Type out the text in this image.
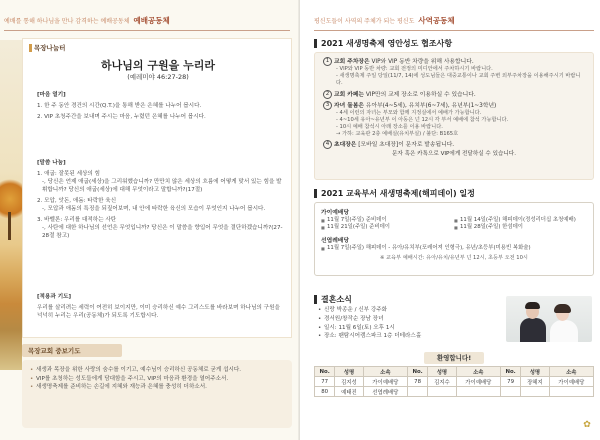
예배를 통해 하나님을 만나 감격하는 예배공동체 예배공동체
목장나눔터
하나님의 구원을 누리라
(예레미야 46:27-28)
[마음 열기]

1. 한 주 동안 경건의 시간(Q.T.)을 통해 받은 은혜를 나누어 봅시다.

2. VIP 초청주간을 보내며 주시는 마음, 누렸던 은혜를 나누어 봅시다.

[말씀 나눔]
1. 애굽: 잘못된 세상의 힘

-, 당신은 언제 애굽(세상)을 그리워했습니까? 만만치 않은 세상의 흐름에 어떻게 맞서 있는 힘을 발휘합니까? 당신의 애굽(세상)에 대해 무엇이라고 말합니까?(17절)

2. 모압, 앗돈, 애돔: 타락한 육신

-, 모압과 애돔의 특징을 되짚어보며, 내 안에 타락한 육신의 모습이 무엇인지 나누어 봅시다.

3. 바벨론: 우리를 대적하는 사탄

-, 사탄에 대한 하나님의 선언은 무엇입니까? 당신은 이 말씀을 향입어 무엇을 결단하겠습니까?(27-28절 참고)

[적용과 기도]

우리를 살리려는 세력이 여전히 보이지만, 이미 승리하신 예수 그리스도를 바라보며 하나님의 구원을 넉넉히 누리는 우리(공동체)가 되도록 기도합시다.

목장교회 중보기도
• 새생과 목장을 위한 사랑의 숨수를 이기고, 예수님이 승리하신 공동체로 굳게 섭시다.
• VIP를 초청하는 성도들에게 담대함을 주시고, VIP의 마음과 환경을 열어주소서.
• 새생명축제를 준비하는 손길에 지혜와 재능과 은혜를 충성히 더하소서.
평신도들이 사역의 주체가 되는 평신도 사역공동체
2021 새생명축제 영안성도 협조사항
1 교회 주차장은 VIP와 VIP 동반 차량을 위해 사용합니다.
- VIP와 VIP 동반 차량: 교회 전정의 미디안에서 주차하시기 바랍니다.
- 새생명축제 주일 당일(11/7, 14)에 성도님들은 대중교통이나 교회 주변 외부주차장을 이용해주시기 바랍니다.
2 교회 카페는 VIP만의 교제 장소로 이용하실 수 있습니다.
3 자녀 돌봄은 유아부(4~5세), 유치부(6~7세), 유년부(1~3학년)
- 4세 이런의 자녀는 부모와 함께 지정실에서 예배가 가능합니다.
- 4~10세 유아~유년부 이 아동은 넌 12시 각 부서 예배에 참석 가능합니다.
- 10시 예배 참석시 아래 장소를 이용 바랍니다.
→ 가하: 교육관 2층 예배실(유치부실) / 불단: B165호
4 초대장은 [모바일 초대장]이 문자로 발송됩니다.
문자 혹은 카톡으로 VIP에게 전달하실 수 있습니다.
2021 교육부서 새생명축제(해피데이) 일정
가이예배당
■ 11월 7일(주일) 준비데이	■ 11월 14일(주일) 해피데이(정성리더십 초청예배)
■ 11월 21일(주일) 준비데이	■ 11월 28일(주일) 한섬데이
선엽례배당
■ 11월 7일(주일) 해피데이 - 유아/유치부(포레어져 인형극), 유년/초등부(미용빈 복화술)
※ 교육부 예배시간: 유아/유치/유년부 넌 12시, 초등부 오전 10시
결혼소식
• 신랑 박종운 / 신부 강주화
• 경서원/창작순 장남 장녀
• 일시: 11월 6일(토) 오후 1시
• 장소: 팬탐시어캠스파크 1층 더테라스홀
환영합니다!
No.	성명	소속	No.	성명	소속	No.	성명	소속
77	김지성	가이예배당	78	김지수	가이예배당	79	장혜지	가이예배당
80	예태진	선엽례배당						
✿
